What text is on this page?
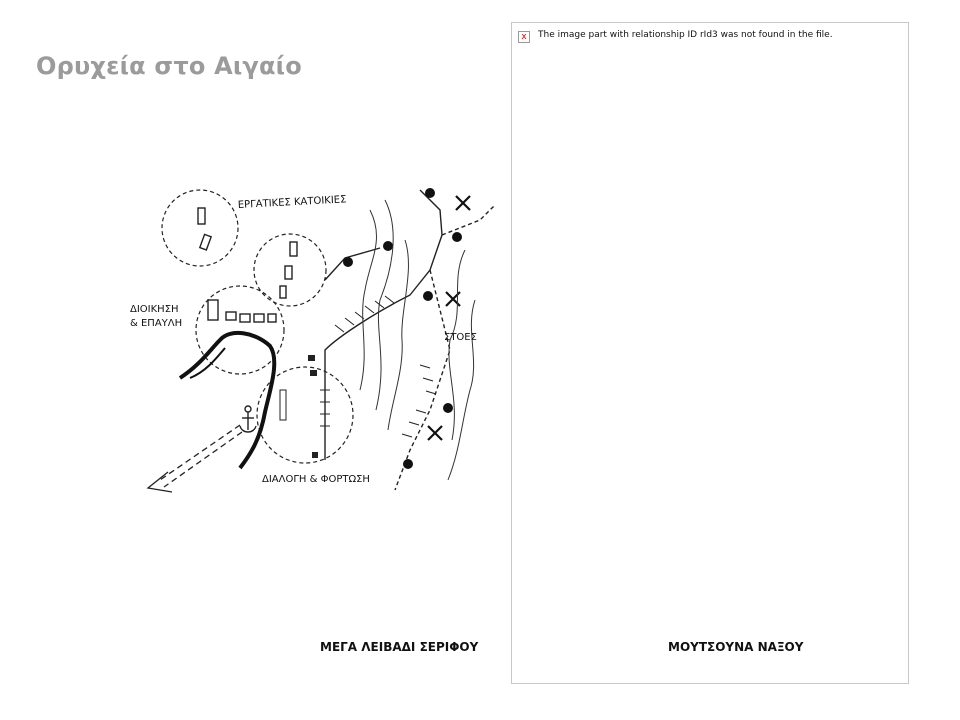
Ορυχεία στο Αιγαίο
ΕΡΓΑΤΙΚΕΣ ΚΑΤΟΙΚΙΕΣ
ΔΙΟΙΚΗΣΗ
& ΕΠΑΥΛΗ
ΣΤΟΕΣ
ΔΙΑΛΟΓΗ & ΦΟΡΤΩΣΗ
ΜΕΓΑ ΛΕΙΒΑΔΙ ΣΕΡΙΦΟΥ
x	The image part with relationship ID rId3 was not found in the file.
ΜΟΥΤΣΟΥΝΑ ΝΑΞΟΥ
